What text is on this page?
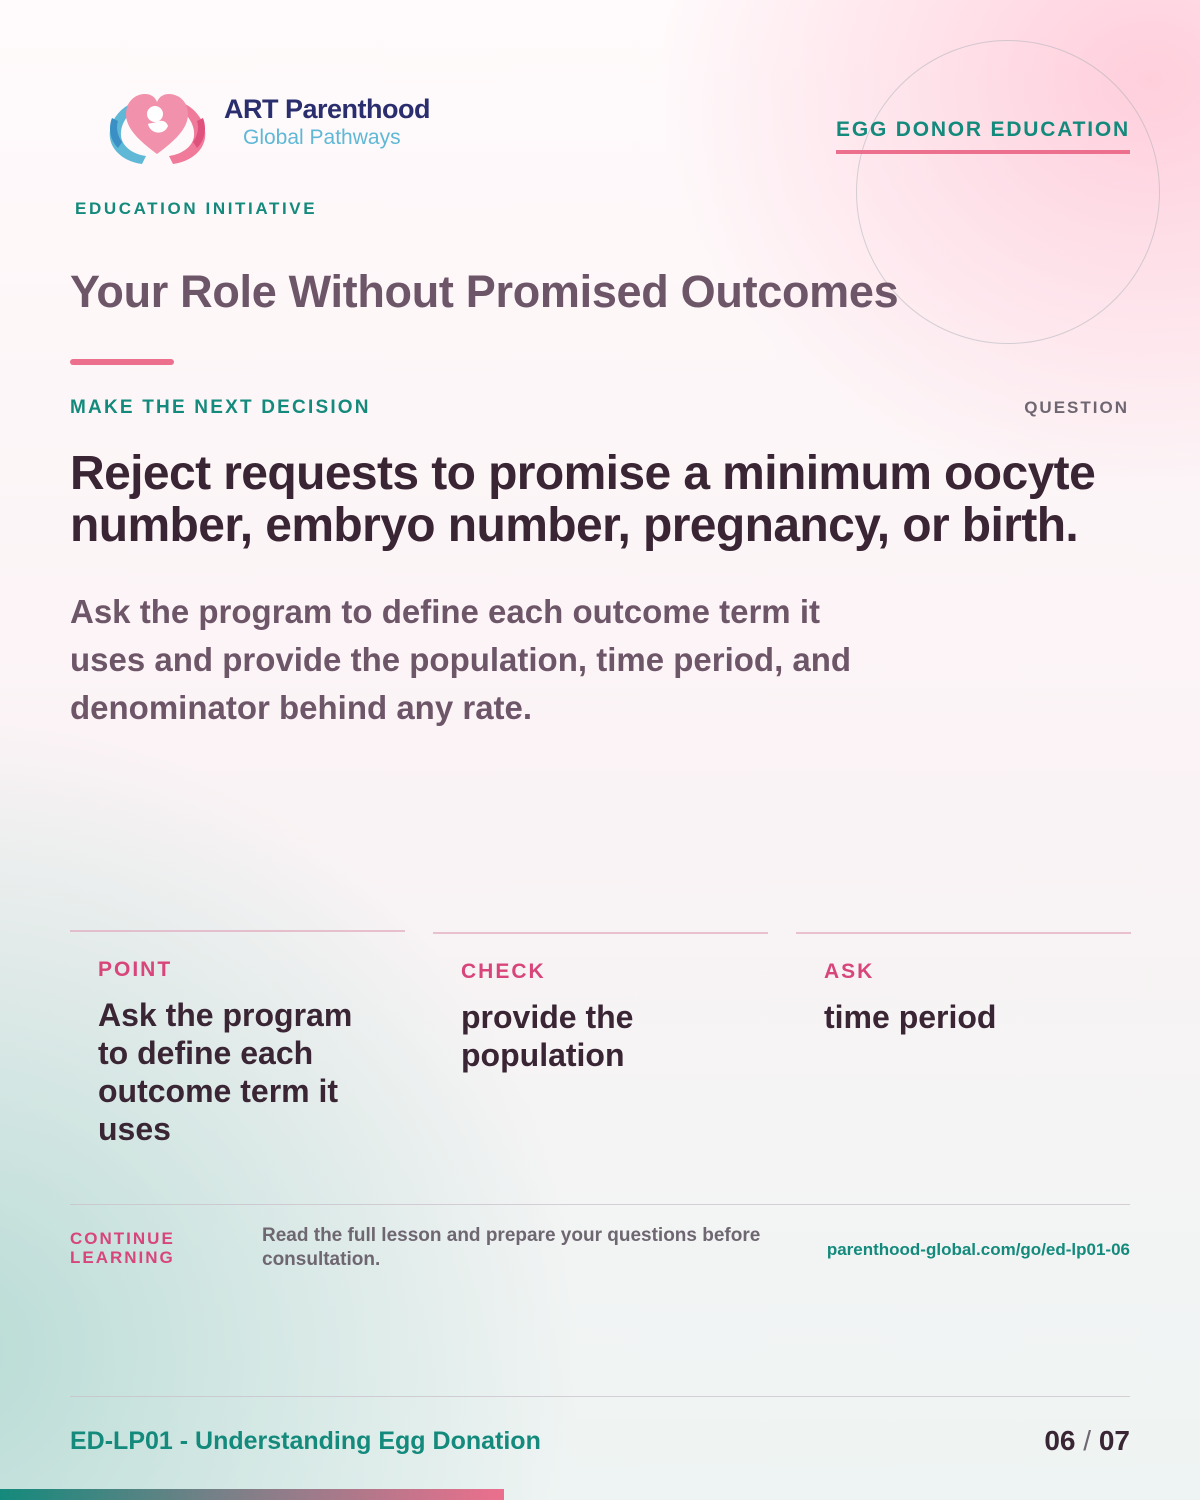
ART Parenthood
Global Pathways
EDUCATION INITIATIVE
EGG DONOR EDUCATION
Your Role Without Promised Outcomes
MAKE THE NEXT DECISION	QUESTION
Reject requests to promise a minimum oocyte number, embryo number, pregnancy, or birth.
Ask the program to define each outcome term it uses and provide the population, time period, and denominator behind any rate.
POINT
Ask the program to define each outcome term it uses
CHECK
provide the population
ASK
time period
CONTINUE LEARNING
Read the full lesson and prepare your questions before consultation.	parenthood-global.com/go/ed-lp01-06
ED-LP01 - Understanding Egg Donation	06 / 07
